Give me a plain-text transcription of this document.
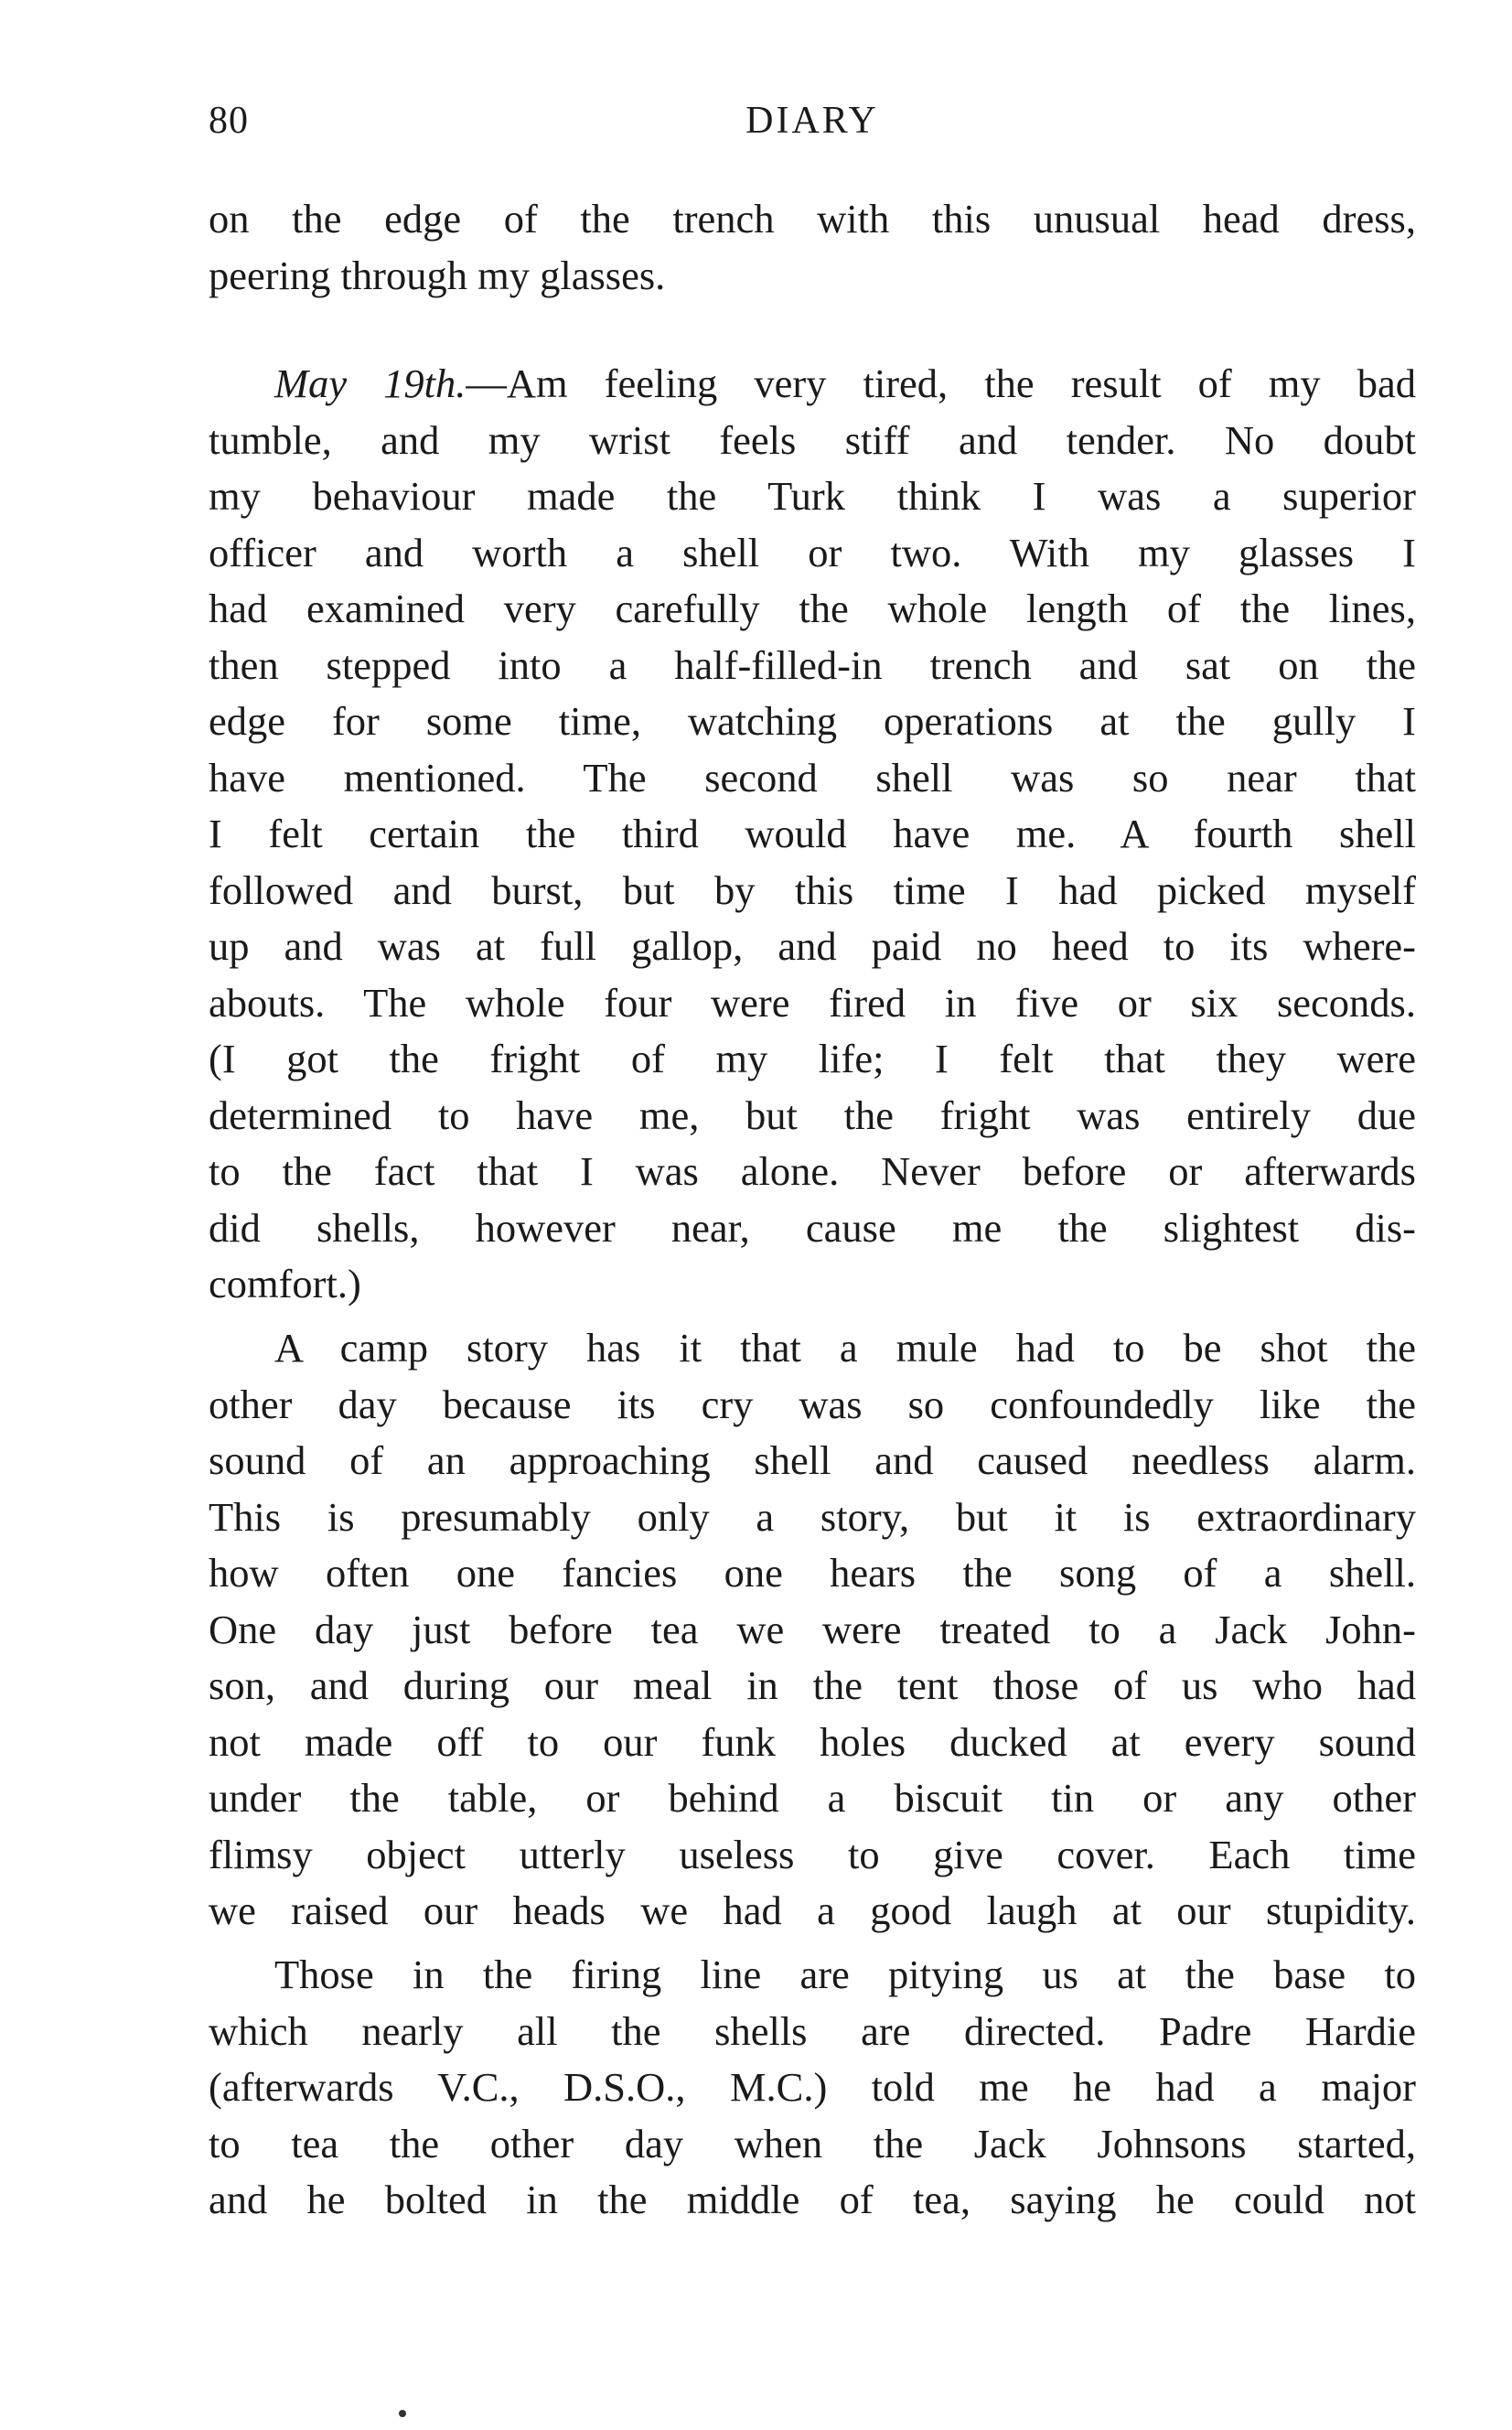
80	DIARY
on the edge of the trench with this unusual head dress,
peering through my glasses.
May 19th.—Am feeling very tired, the result of my bad
tumble, and my wrist feels stiff and tender. No doubt
my behaviour made the Turk think I was a superior
officer and worth a shell or two. With my glasses I
had examined very carefully the whole length of the lines,
then stepped into a half-filled-in trench and sat on the
edge for some time, watching operations at the gully I
have mentioned. The second shell was so near that
I felt certain the third would have me. A fourth shell
followed and burst, but by this time I had picked myself
up and was at full gallop, and paid no heed to its where-
abouts. The whole four were fired in five or six seconds.
(I got the fright of my life; I felt that they were
determined to have me, but the fright was entirely due
to the fact that I was alone. Never before or afterwards
did shells, however near, cause me the slightest dis-
comfort.)
A camp story has it that a mule had to be shot the
other day because its cry was so confoundedly like the
sound of an approaching shell and caused needless alarm.
This is presumably only a story, but it is extraordinary
how often one fancies one hears the song of a shell.
One day just before tea we were treated to a Jack John-
son, and during our meal in the tent those of us who had
not made off to our funk holes ducked at every sound
under the table, or behind a biscuit tin or any other
flimsy object utterly useless to give cover. Each time
we raised our heads we had a good laugh at our stupidity.
Those in the firing line are pitying us at the base to
which nearly all the shells are directed. Padre Hardie
(afterwards V.C., D.S.O., M.C.) told me he had a major
to tea the other day when the Jack Johnsons started,
and he bolted in the middle of tea, saying he could not
